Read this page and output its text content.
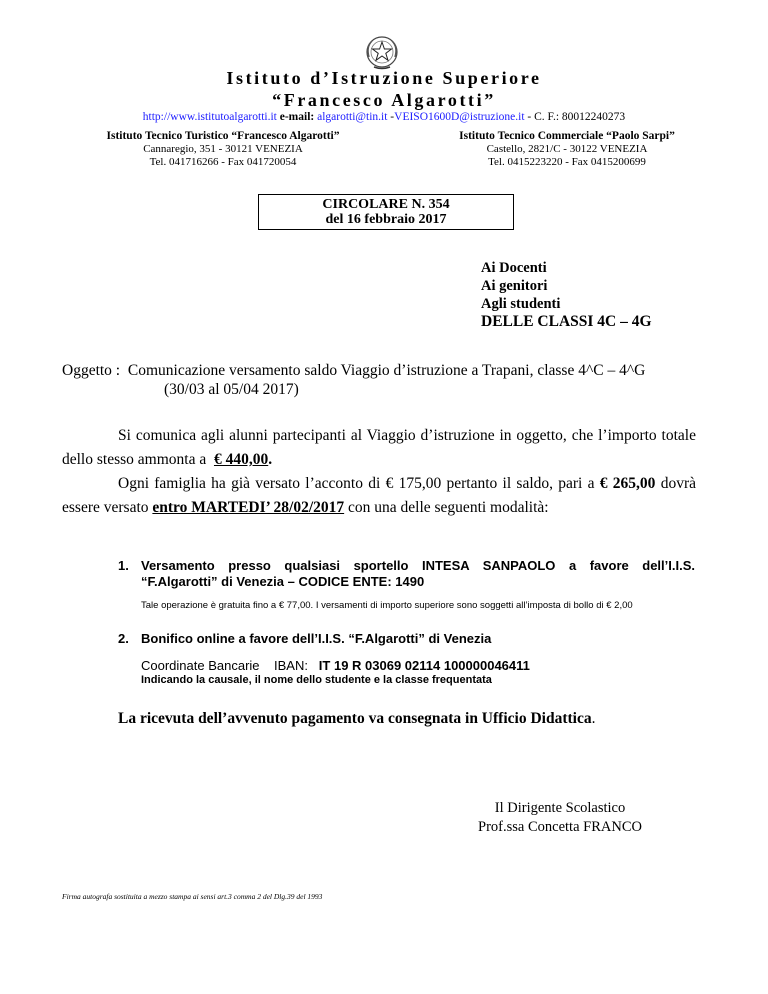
Istituto d’Istruzione Superiore
“Francesco Algarotti”
http://www.istitutoalgarotti.it e-mail: algarotti@tin.it -VEISO1600D@istruzione.it - C. F.: 80012240273
Istituto Tecnico Turistico “Francesco Algarotti”
Cannaregio, 351 - 30121 VENEZIA
Tel. 041716266 - Fax 041720054
Istituto Tecnico Commerciale “Paolo Sarpi”
Castello, 2821/C - 30122 VENEZIA
Tel. 0415223220 - Fax 0415200699
CIRCOLARE N. 354
del 16 febbraio 2017
Ai Docenti
Ai genitori
Agli studenti
DELLE CLASSI 4C – 4G
Oggetto : Comunicazione versamento saldo Viaggio d’istruzione a Trapani, classe 4^C – 4^G
(30/03 al 05/04 2017)
Si comunica agli alunni partecipanti al Viaggio d’istruzione in oggetto, che l’importo totale
dello stesso ammonta a  € 440,00.
Ogni famiglia ha già versato l’acconto di € 175,00 pertanto il saldo, pari a € 265,00 dovrà
essere versato entro MARTEDI’ 28/02/2017 con una delle seguenti modalità:
1. Versamento presso qualsiasi sportello INTESA SANPAOLO a favore dell’I.I.S.
“F.Algarotti” di Venezia – CODICE ENTE: 1490
Tale operazione è gratuita fino a € 77,00. I versamenti di importo superiore sono soggetti all’imposta di bollo di € 2,00
2. Bonifico online a favore dell’I.I.S. “F.Algarotti” di Venezia
Coordinate Bancarie IBAN: IT 19 R 03069 02114 100000046411
Indicando la causale, il nome dello studente e la classe frequentata
La ricevuta dell’avvenuto pagamento va consegnata in Ufficio Didattica.
Il Dirigente Scolastico
Prof.ssa Concetta FRANCO
Firma autografa sostituita a mezzo stampa ai sensi art.3 comma 2 del Dlg.39 del 1993
